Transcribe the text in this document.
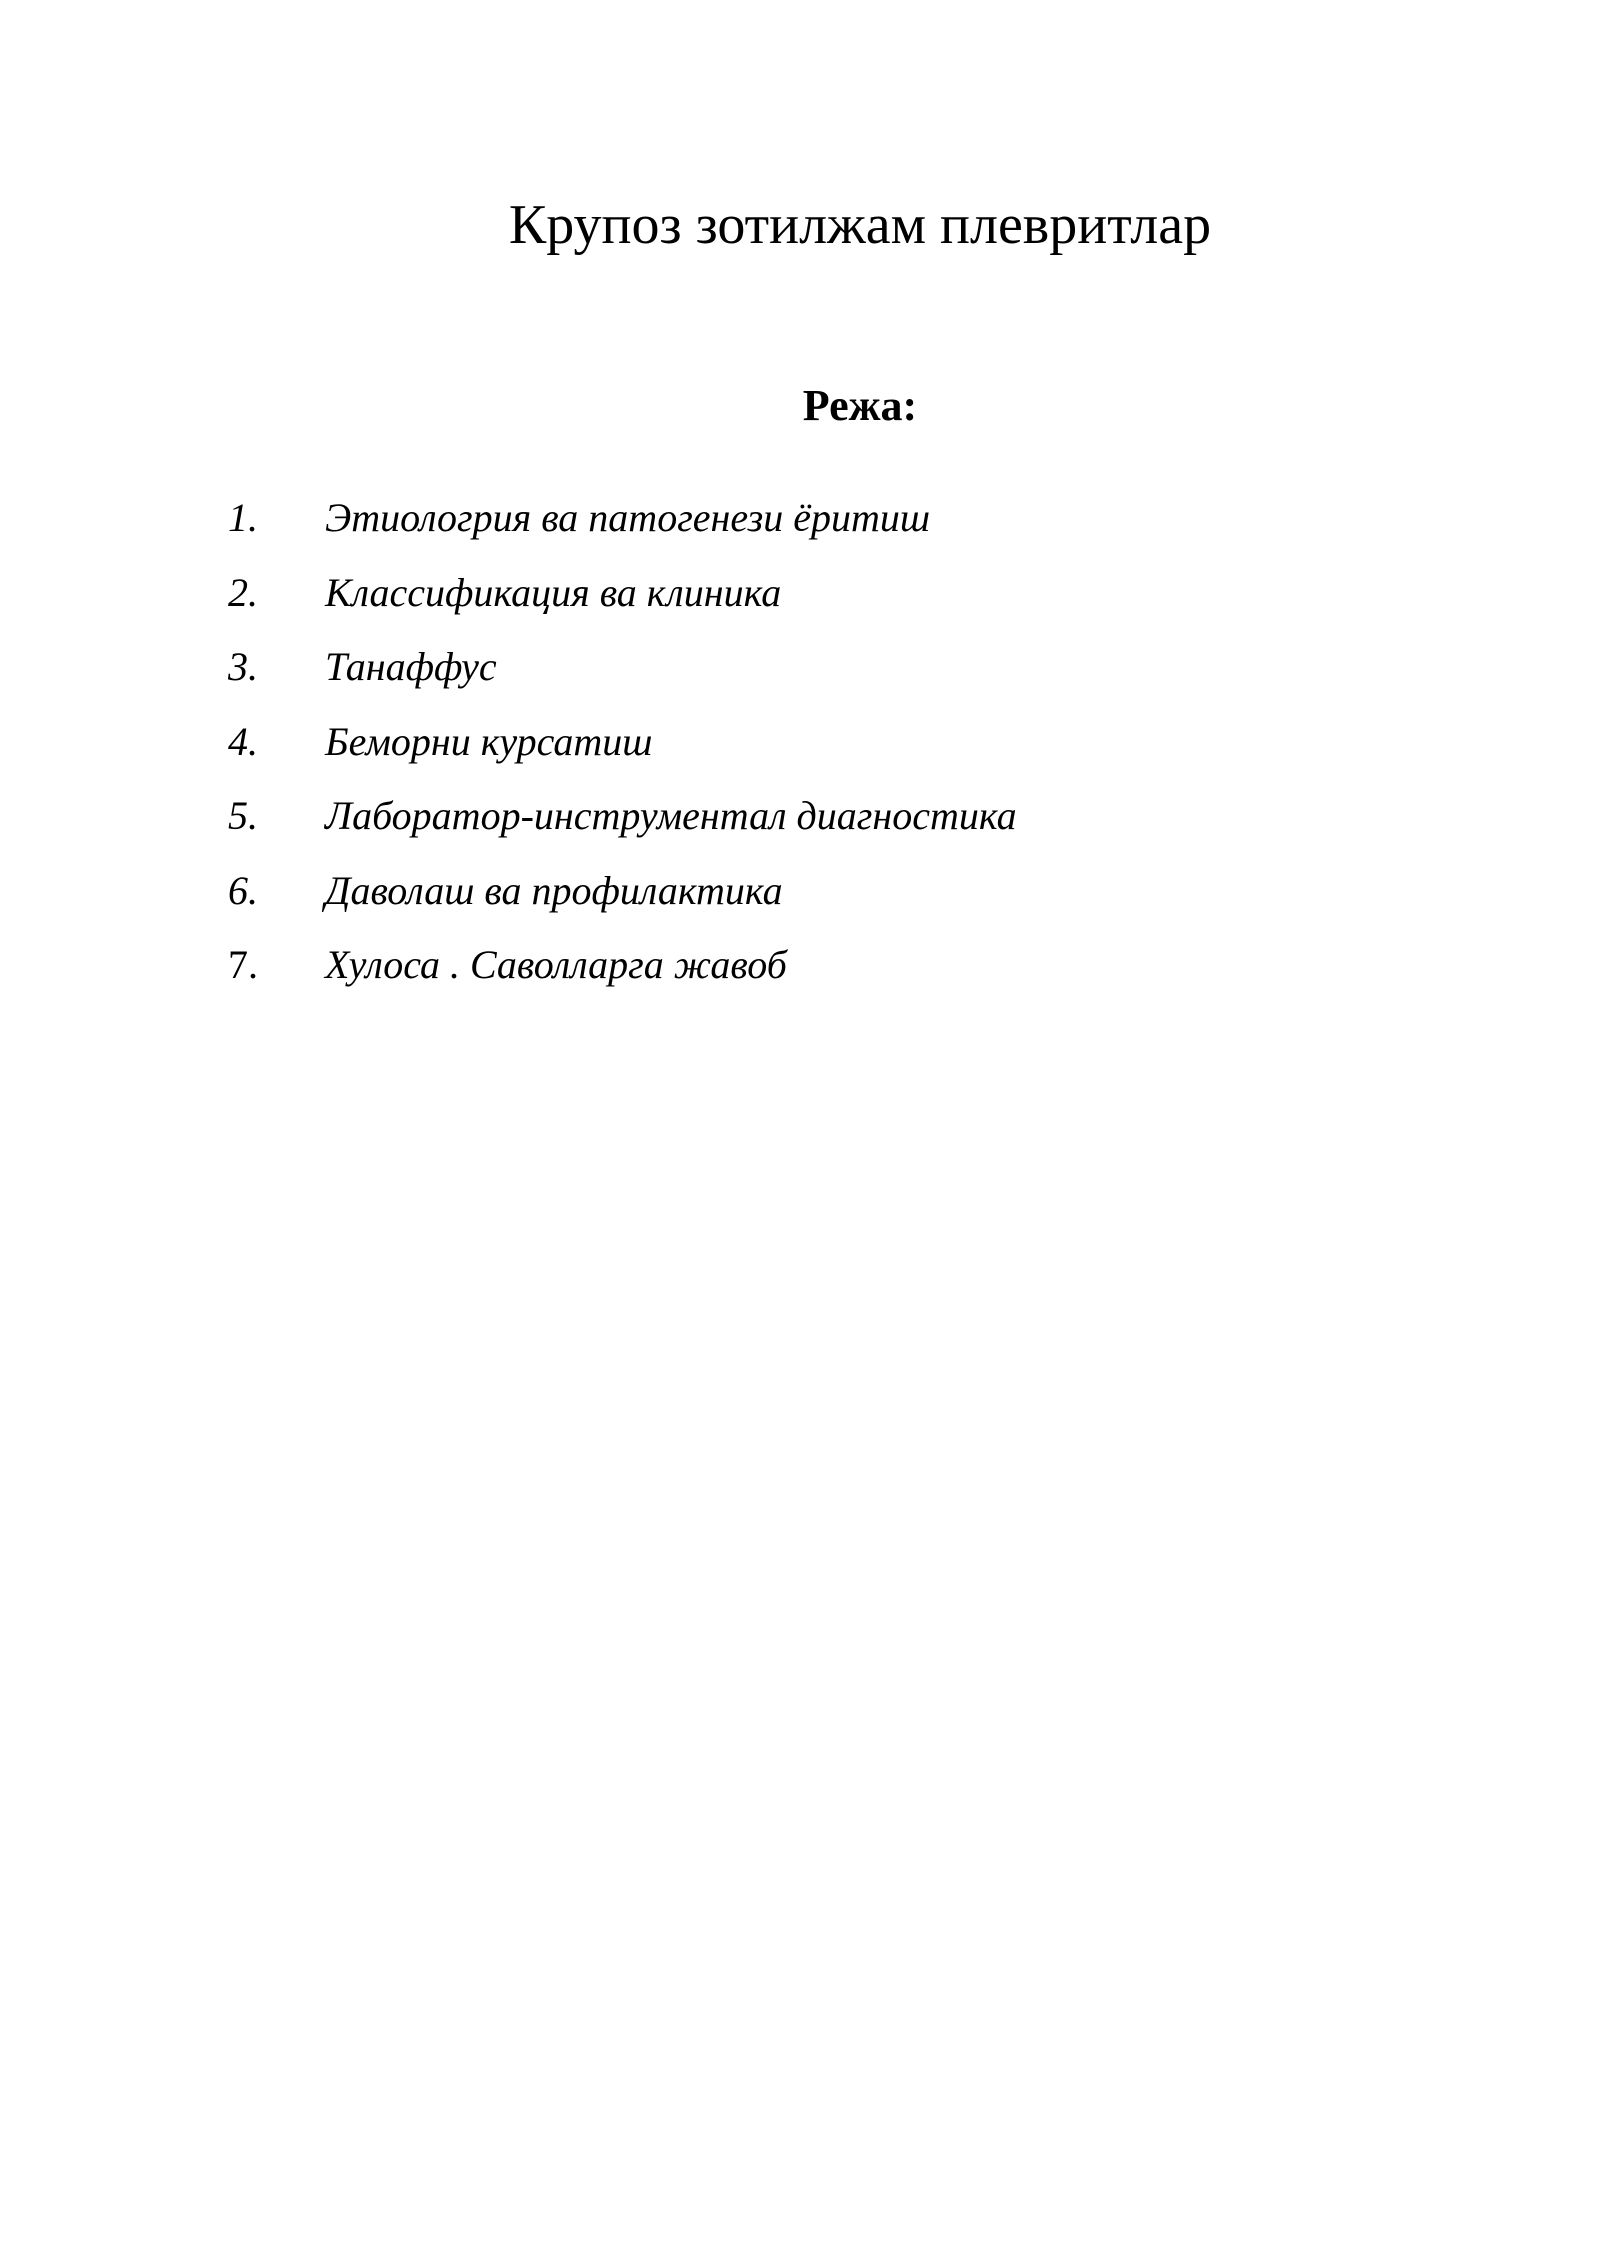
Крупоз зотилжам плевритлар
Режа:
1.	Этиологрия ва патогенези ёритиш
2.	Классификация ва клиника
3.	Танаффус
4.	Беморни курсатиш
5.	Лаборатор-инструментал диагностика
6.	Даволаш ва профилактика
7.	Хулоса . Саволларга жавоб
